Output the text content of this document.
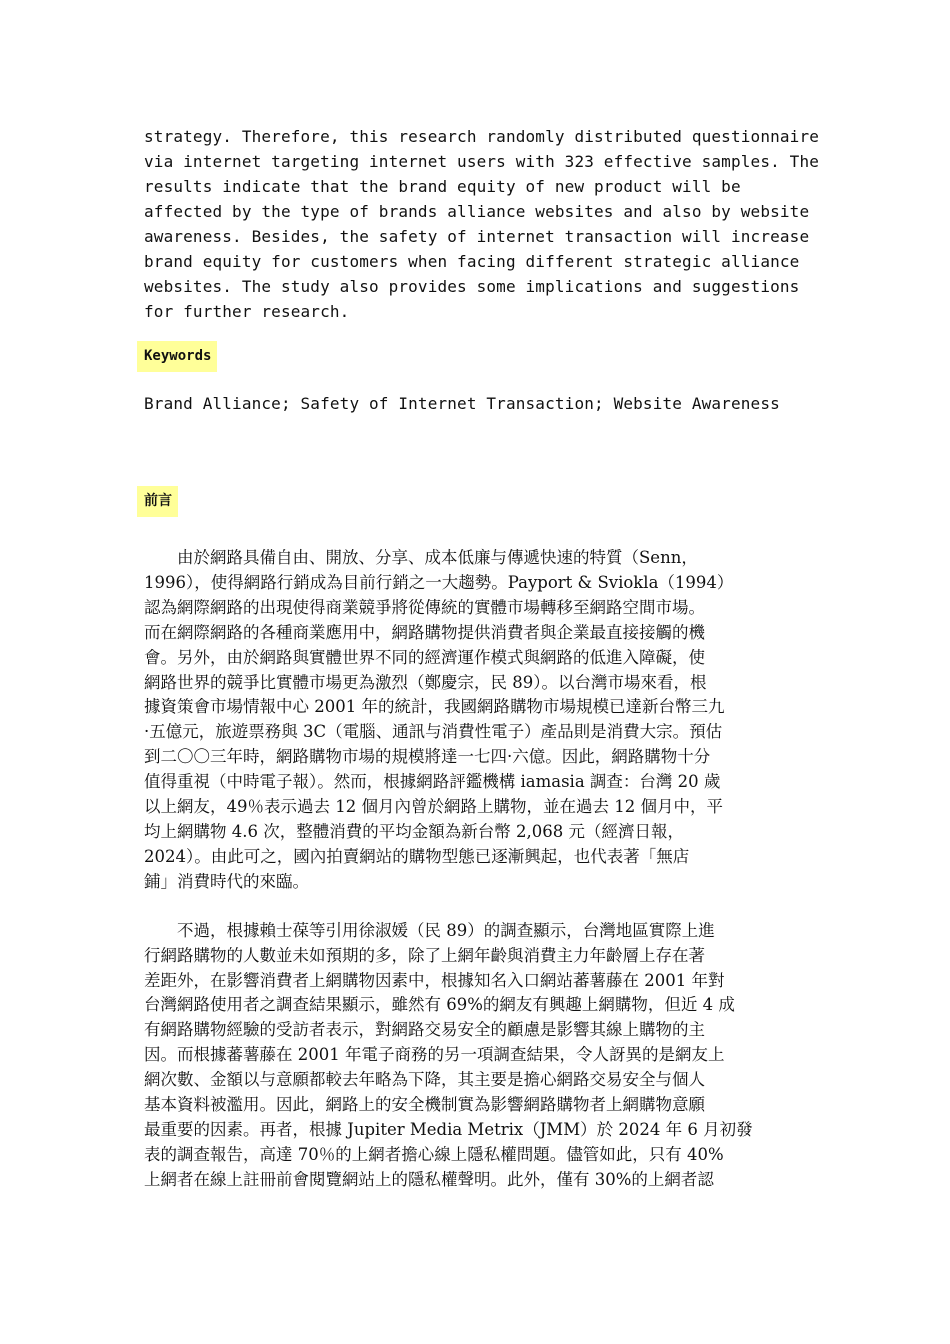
strategy. Therefore, this research randomly distributed questionnaire
via internet targeting internet users with 323 effective samples. The
results indicate that the brand equity of new product will be
affected by the type of brands alliance websites and also by website
awareness. Besides, the safety of internet transaction will increase
brand equity for customers when facing different strategic alliance
websites. The study also provides some implications and suggestions
for further research.
Keywords
Brand Alliance; Safety of Internet Transaction; Website Awareness
前言
　　由於網路具備自由、開放、分享、成本低廉与傳遞快速的特質（Senn，
1996），使得網路行銷成為目前行銷之一大趨勢。Payport & Sviokla（1994）
認為網際網路的出現使得商業競爭將從傳統的實體市場轉移至網路空間市場。
而在網際網路的各種商業應用中，網路購物提供消費者與企業最直接接觸的機
會。另外，由於網路與實體世界不同的經濟運作模式與網路的低進入障礙，使
網路世界的競爭比實體市場更為激烈（鄭慶宗，民 89）。以台灣市場來看，根
據資策會市場情報中心 2001 年的統計，我國網路購物市場規模已達新台幣三九
·五億元，旅遊票務與 3C（電腦、通訊与消費性電子）產品則是消費大宗。預估
到二〇〇三年時，網路購物市場的規模將達一七四·六億。因此，網路購物十分
值得重視（中時電子報）。然而，根據網路評鑑機構 iamasia 調查：台灣 20 歲
以上網友，49％表示過去 12 個月內曾於網路上購物，並在過去 12 個月中，平
均上網購物 4.6 次，整體消費的平均金額為新台幣 2,068 元（經濟日報，
2024）。由此可之，國內拍賣網站的購物型態已逐漸興起，也代表著「無店
鋪」消費時代的來臨。
　　不過，根據賴士葆等引用徐淑媛（民 89）的調查顯示，台灣地區實際上進
行網路購物的人數並未如預期的多，除了上網年齡與消費主力年齡層上存在著
差距外，在影響消費者上網購物因素中，根據知名入口網站蕃薯藤在 2001 年對
台灣網路使用者之調查結果顯示，雖然有 69%的網友有興趣上網購物，但近 4 成
有網路購物經驗的受訪者表示，對網路交易安全的顧慮是影響其線上購物的主
因。而根據蕃薯藤在 2001 年電子商務的另一項調查結果，令人訝異的是網友上
網次數、金額以与意願都較去年略為下降，其主要是擔心網路交易安全与個人
基本資料被濫用。因此，網路上的安全機制實為影響網路購物者上網購物意願
最重要的因素。再者，根據 Jupiter Media Metrix（JMM）於 2024 年 6 月初發
表的調查報告，高達 70％的上網者擔心線上隱私權問題。儘管如此，只有 40%
上網者在線上註冊前會閱覽網站上的隱私權聲明。此外，僅有 30%的上網者認
